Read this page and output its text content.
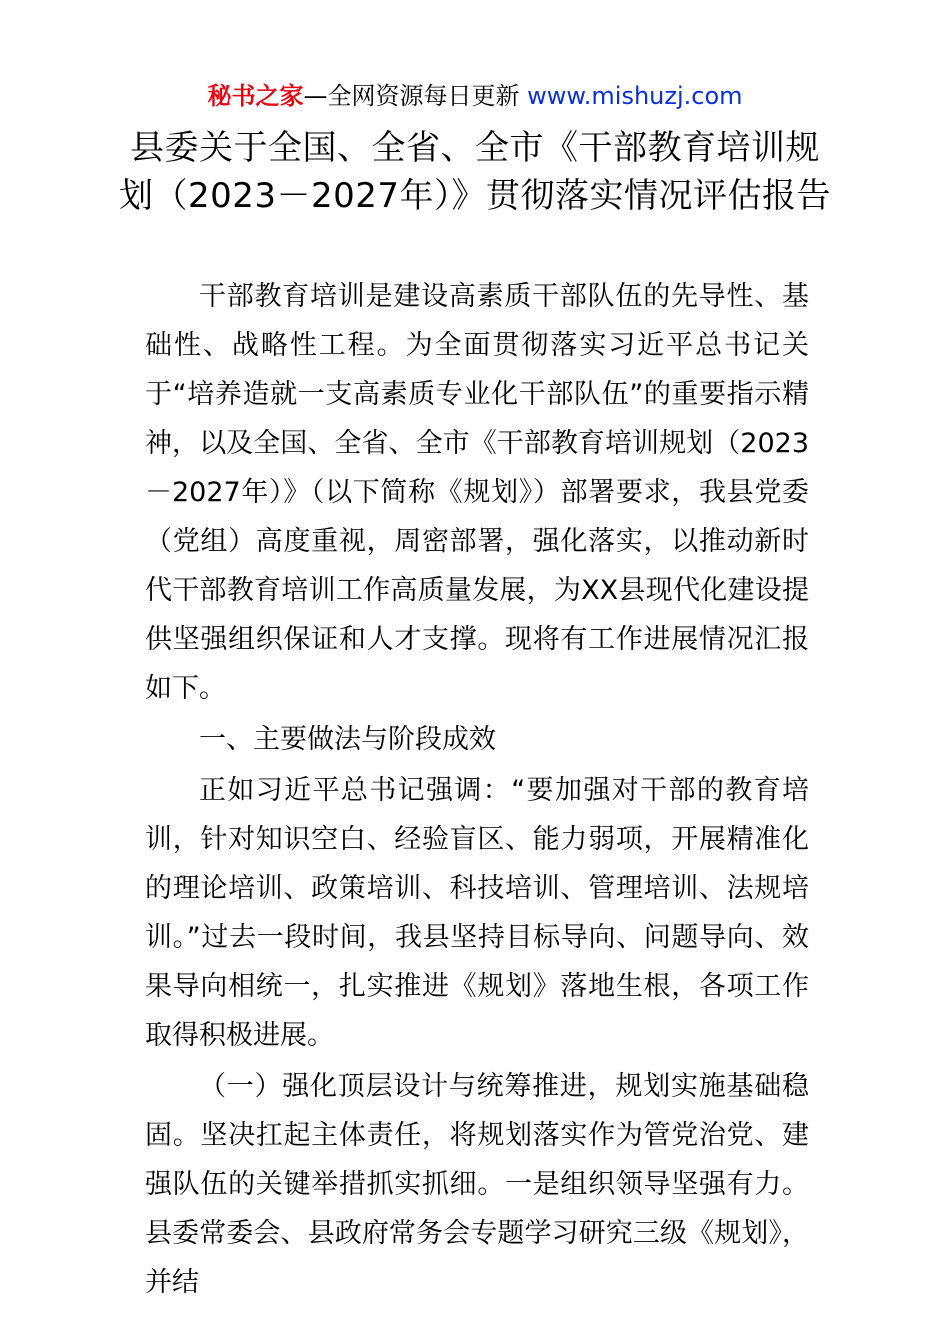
秘书之家—全网资源每日更新 www.mishuzj.com
县委关于全国、全省、全市《干部教育培训规
划（2023－2027年）》贯彻落实情况评估报告

干部教育培训是建设高素质干部队伍的先导性、基础性、战略性工程。为全面贯彻落实习近平总书记关于“培养造就一支高素质专业化干部队伍”的重要指示精神，以及全国、全省、全市《干部教育培训规划（2023－2027年）》（以下简称《规划》）部署要求，我县党委（党组）高度重视，周密部署，强化落实，以推动新时代干部教育培训工作高质量发展，为XX县现代化建设提供坚强组织保证和人才支撑。现将有工作进展情况汇报如下。

一、主要做法与阶段成效

正如习近平总书记强调：“要加强对干部的教育培训，针对知识空白、经验盲区、能力弱项，开展精准化的理论培训、政策培训、科技培训、管理培训、法规培训。”过去一段时间，我县坚持目标导向、问题导向、效果导向相统一，扎实推进《规划》落地生根，各项工作取得积极进展。

（一）强化顶层设计与统筹推进，规划实施基础稳固。坚决扛起主体责任，将规划落实作为管党治党、建强队伍的关键举措抓实抓细。一是组织领导坚强有力。县委常委会、县政府常务会专题学习研究三级《规划》，并结
